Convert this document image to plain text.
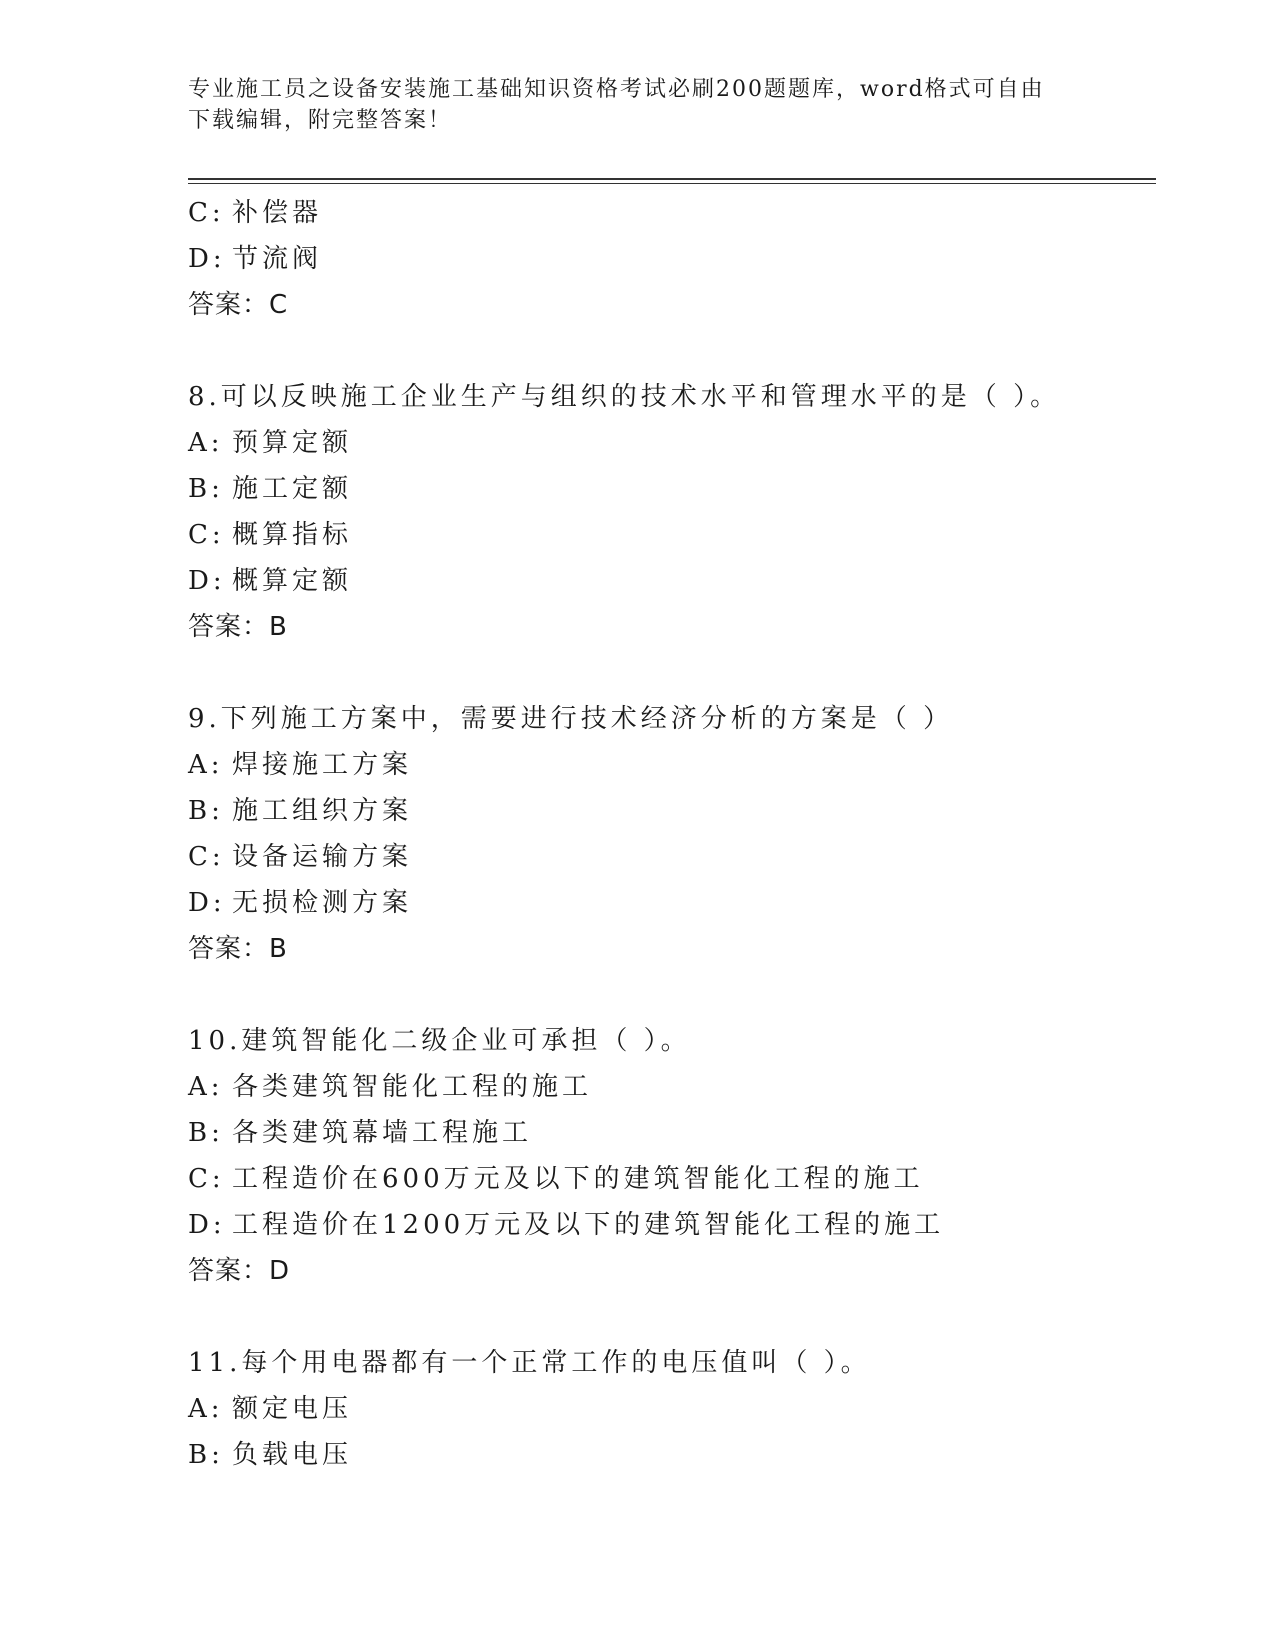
专业施工员之设备安装施工基础知识资格考试必刷200题题库，word格式可自由
下载编辑，附完整答案！
C: 补偿器
D: 节流阀
答案：C
8.可以反映施工企业生产与组织的技术水平和管理水平的是（ ）。
A: 预算定额
B: 施工定额
C: 概算指标
D: 概算定额
答案：B
9.下列施工方案中，需要进行技术经济分析的方案是（ ）
A: 焊接施工方案
B: 施工组织方案
C: 设备运输方案
D: 无损检测方案
答案：B
10.建筑智能化二级企业可承担（ ）。
A: 各类建筑智能化工程的施工
B: 各类建筑幕墙工程施工
C: 工程造价在600万元及以下的建筑智能化工程的施工
D: 工程造价在1200万元及以下的建筑智能化工程的施工
答案：D
11.每个用电器都有一个正常工作的电压值叫（ ）。
A: 额定电压
B: 负载电压
